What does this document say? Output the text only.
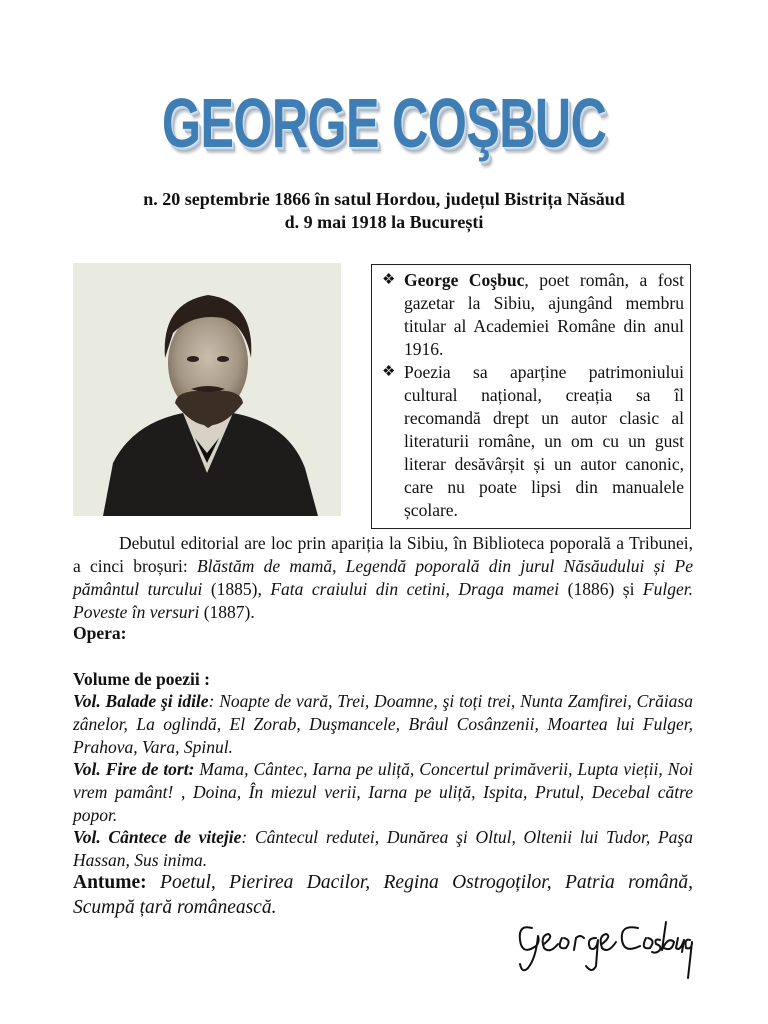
GEORGE COŞBUC
n. 20 septembrie 1866 în satul Hordou, județul Bistrița Năsăud
d. 9 mai 1918 la București
❖ George Coşbuc, poet român, a fost gazetar la Sibiu, ajungând membru titular al Academiei Române din anul 1916.
❖ Poezia sa aparține patrimoniului cultural național, creația sa îl recomandă drept un autor clasic al literaturii române, un om cu un gust literar desăvârșit și un autor canonic, care nu poate lipsi din manualele școlare.
Debutul editorial are loc prin apariția la Sibiu, în Biblioteca poporală a Tribunei, a cinci broșuri: Blăstăm de mamă, Legendă poporală din jurul Năsăudului și Pe pământul turcului (1885), Fata craiului din cetini, Draga mamei (1886) și Fulger. Poveste în versuri (1887).
Opera:
Volume de poezii :
Vol. Balade şi idile: Noapte de vară, Trei, Doamne, şi toți trei, Nunta Zamfirei, Crăiasa zânelor, La oglindă, El Zorab, Duşmancele, Brâul Cosânzenii, Moartea lui Fulger, Prahova, Vara, Spinul.
Vol. Fire de tort: Mama, Cântec, Iarna pe uliță, Concertul primăverii, Lupta vieții, Noi vrem pamânt! , Doina, În miezul verii, Iarna pe uliță, Ispita, Prutul, Decebal către popor.
Vol. Cântece de vitejie: Cântecul redutei, Dunărea şi Oltul, Oltenii lui Tudor, Paşa Hassan, Sus inima.
Antume: Poetul, Pierirea Dacilor, Regina Ostrogoților, Patria română, Scumpă țară românească.
